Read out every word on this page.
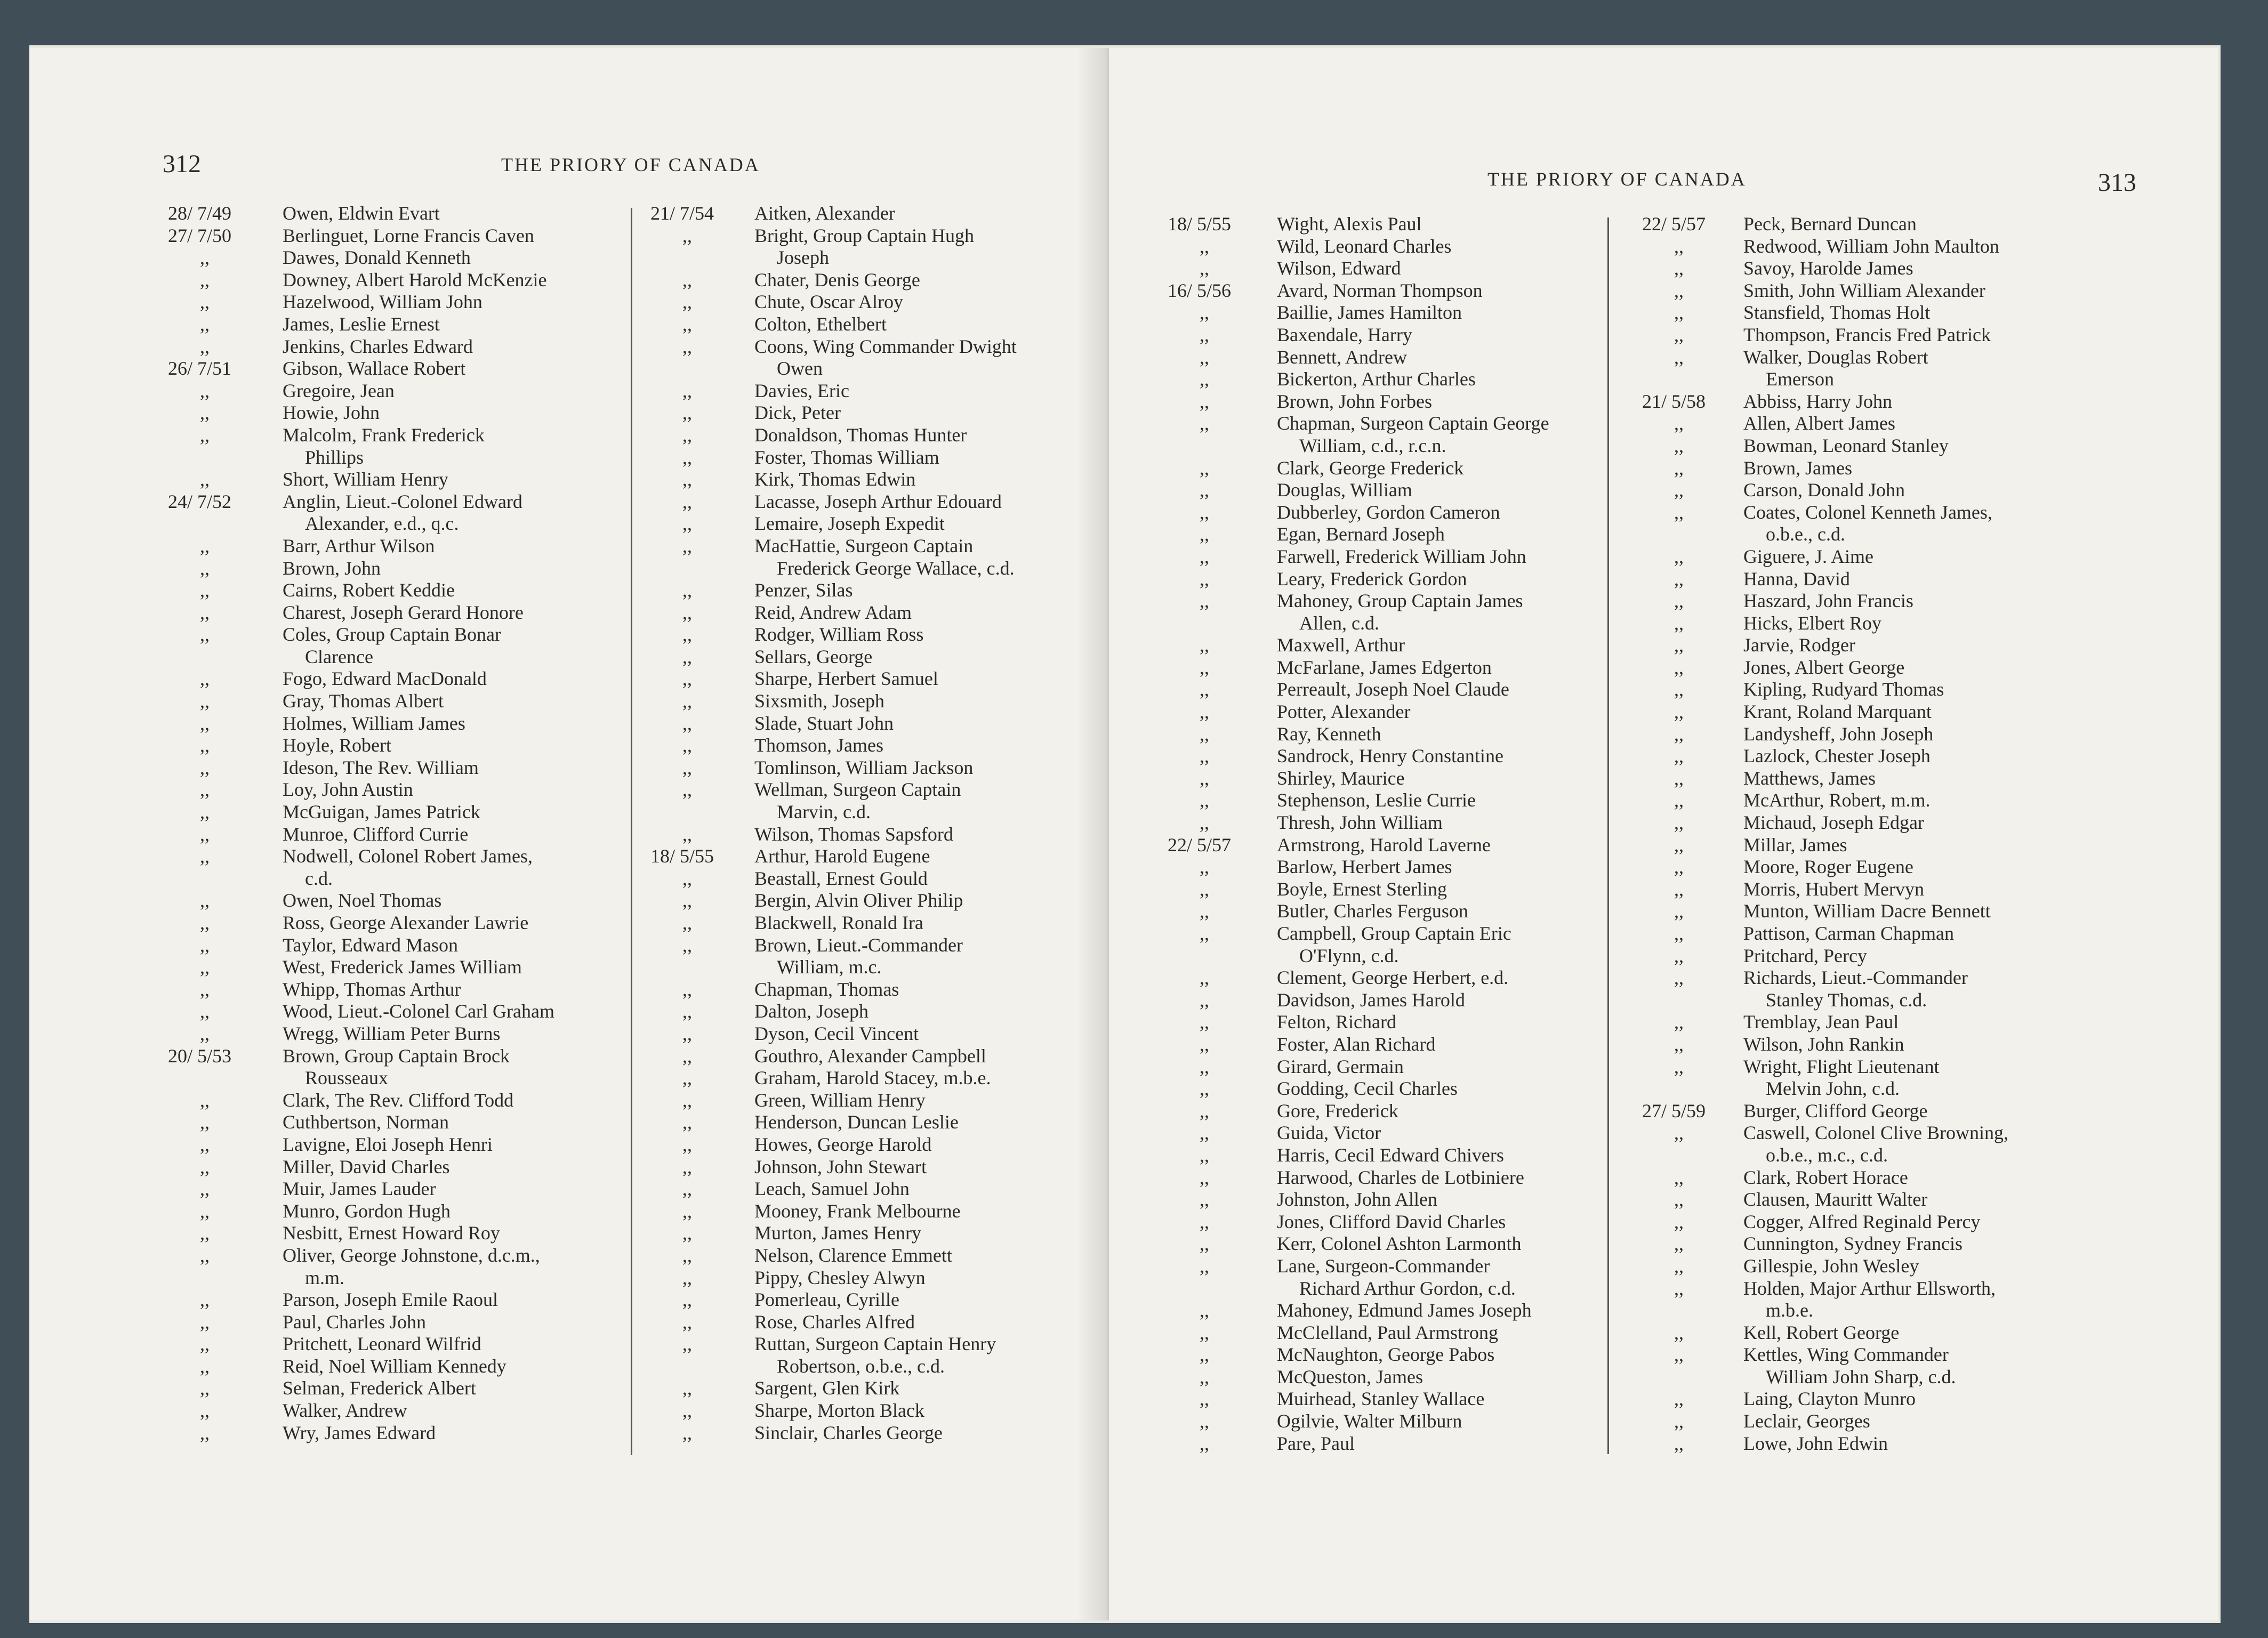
312	THE PRIORY OF CANADA
28/ 7/49	Owen, Eldwin Evart
27/ 7/50	Berlinguet, Lorne Francis Caven
,,	Dawes, Donald Kenneth
,,	Downey, Albert Harold McKenzie
,,	Hazelwood, William John
,,	James, Leslie Ernest
,,	Jenkins, Charles Edward
26/ 7/51	Gibson, Wallace Robert
,,	Gregoire, Jean
,,	Howie, John
,,	Malcolm, Frank Frederick
Phillips
,,	Short, William Henry
24/ 7/52	Anglin, Lieut.-Colonel Edward
Alexander, e.d., q.c.
,,	Barr, Arthur Wilson
,,	Brown, John
,,	Cairns, Robert Keddie
,,	Charest, Joseph Gerard Honore
,,	Coles, Group Captain Bonar
Clarence
,,	Fogo, Edward MacDonald
,,	Gray, Thomas Albert
,,	Holmes, William James
,,	Hoyle, Robert
,,	Ideson, The Rev. William
,,	Loy, John Austin
,,	McGuigan, James Patrick
,,	Munroe, Clifford Currie
,,	Nodwell, Colonel Robert James,
c.d.
,,	Owen, Noel Thomas
,,	Ross, George Alexander Lawrie
,,	Taylor, Edward Mason
,,	West, Frederick James William
,,	Whipp, Thomas Arthur
,,	Wood, Lieut.-Colonel Carl Graham
,,	Wregg, William Peter Burns
20/ 5/53	Brown, Group Captain Brock
Rousseaux
,,	Clark, The Rev. Clifford Todd
,,	Cuthbertson, Norman
,,	Lavigne, Eloi Joseph Henri
,,	Miller, David Charles
,,	Muir, James Lauder
,,	Munro, Gordon Hugh
,,	Nesbitt, Ernest Howard Roy
,,	Oliver, George Johnstone, d.c.m.,
m.m.
,,	Parson, Joseph Emile Raoul
,,	Paul, Charles John
,,	Pritchett, Leonard Wilfrid
,,	Reid, Noel William Kennedy
,,	Selman, Frederick Albert
,,	Walker, Andrew
,,	Wry, James Edward
21/ 7/54 Aitken, Alexander
,,	Bright, Group Captain Hugh
Joseph
,,	Chater, Denis George
,,	Chute, Oscar Alroy
,,	Colton, Ethelbert
,,	Coons, Wing Commander Dwight
Owen
,,	Davies, Eric
,,	Dick, Peter
,,	Donaldson, Thomas Hunter
,,	Foster, Thomas William
,,	Kirk, Thomas Edwin
,,	Lacasse, Joseph Arthur Edouard
,,	Lemaire, Joseph Expedit
,,	MacHattie, Surgeon Captain
Frederick George Wallace, c.d.
,,	Penzer, Silas
,,	Reid, Andrew Adam
,,	Rodger, William Ross
,,	Sellars, George
,,	Sharpe, Herbert Samuel
,,	Sixsmith, Joseph
,,	Slade, Stuart John
,,	Thomson, James
,,	Tomlinson, William Jackson
,,	Wellman, Surgeon Captain
Marvin, c.d.
,,	Wilson, Thomas Sapsford
18/ 5/55 Arthur, Harold Eugene
,,	Beastall, Ernest Gould
,,	Bergin, Alvin Oliver Philip
,,	Blackwell, Ronald Ira
,,	Brown, Lieut.-Commander
William, m.c.
,,	Chapman, Thomas
,,	Dalton, Joseph
,,	Dyson, Cecil Vincent
,,	Gouthro, Alexander Campbell
,,	Graham, Harold Stacey, m.b.e.
,,	Green, William Henry
,,	Henderson, Duncan Leslie
,,	Howes, George Harold
,,	Johnson, John Stewart
,,	Leach, Samuel John
,,	Mooney, Frank Melbourne
,,	Murton, James Henry
,,	Nelson, Clarence Emmett
,,	Pippy, Chesley Alwyn
,,	Pomerleau, Cyrille
,,	Rose, Charles Alfred
,,	Ruttan, Surgeon Captain Henry
Robertson, o.b.e., c.d.
,,	Sargent, Glen Kirk
,,	Sharpe, Morton Black
,,	Sinclair, Charles George
313
THE PRIORY OF CANADA
18/ 5/55 Wight, Alexis Paul
,,	Wild, Leonard Charles
,,	Wilson, Edward
16/ 5/56 Avard, Norman Thompson
,,	Baillie, James Hamilton
,,	Baxendale, Harry
,,	Bennett, Andrew
,,	Bickerton, Arthur Charles
,,	Brown, John Forbes
,,	Chapman, Surgeon Captain George
William, c.d., r.c.n.
,,	Clark, George Frederick
,,	Douglas, William
,,	Dubberley, Gordon Cameron
,,	Egan, Bernard Joseph
,,	Farwell, Frederick William John
,,	Leary, Frederick Gordon
,,	Mahoney, Group Captain James
Allen, c.d.
,,	Maxwell, Arthur
,,	McFarlane, James Edgerton
,,	Perreault, Joseph Noel Claude
,,	Potter, Alexander
,,	Ray, Kenneth
,,	Sandrock, Henry Constantine
,,	Shirley, Maurice
,,	Stephenson, Leslie Currie
,,	Thresh, John William
22/ 5/57 Armstrong, Harold Laverne
,,	Barlow, Herbert James
,,	Boyle, Ernest Sterling
,,	Butler, Charles Ferguson
,,	Campbell, Group Captain Eric
O'Flynn, c.d.
,,	Clement, George Herbert, e.d.
,,	Davidson, James Harold
,,	Felton, Richard
,,	Foster, Alan Richard
,,	Girard, Germain
,,	Godding, Cecil Charles
,,	Gore, Frederick
,,	Guida, Victor
,,	Harris, Cecil Edward Chivers
,,	Harwood, Charles de Lotbiniere
,,	Johnston, John Allen
,,	Jones, Clifford David Charles
,,	Kerr, Colonel Ashton Larmonth
,,	Lane, Surgeon-Commander
Richard Arthur Gordon, c.d.
,,	Mahoney, Edmund James Joseph
,,	McClelland, Paul Armstrong
,,	McNaughton, George Pabos
,,	McQueston, James
,,	Muirhead, Stanley Wallace
,,	Ogilvie, Walter Milburn
,,	Pare, Paul
22/ 5/57 Peck, Bernard Duncan
,,	Redwood, William John Maulton
,,	Savoy, Harolde James
,,	Smith, John William Alexander
,,	Stansfield, Thomas Holt
,,	Thompson, Francis Fred Patrick
,,	Walker, Douglas Robert
Emerson
21/ 5/58 Abbiss, Harry John
,,	Allen, Albert James
,,	Bowman, Leonard Stanley
,,	Brown, James
,,	Carson, Donald John
,,	Coates, Colonel Kenneth James,
o.b.e., c.d.
,,	Giguere, J. Aime
,,	Hanna, David
,,	Haszard, John Francis
,,	Hicks, Elbert Roy
,,	Jarvie, Rodger
,,	Jones, Albert George
,,	Kipling, Rudyard Thomas
,,	Krant, Roland Marquant
,,	Landysheff, John Joseph
,,	Lazlock, Chester Joseph
,,	Matthews, James
,,	McArthur, Robert, m.m.
,,	Michaud, Joseph Edgar
,,	Millar, James
,,	Moore, Roger Eugene
,,	Morris, Hubert Mervyn
,,	Munton, William Dacre Bennett
,,	Pattison, Carman Chapman
,,	Pritchard, Percy
,,	Richards, Lieut.-Commander
Stanley Thomas, c.d.
,,	Tremblay, Jean Paul
,,	Wilson, John Rankin
,,	Wright, Flight Lieutenant
Melvin John, c.d.
27/ 5/59 Burger, Clifford George
,,	Caswell, Colonel Clive Browning,
o.b.e., m.c., c.d.
,,	Clark, Robert Horace
,,	Clausen, Mauritt Walter
,,	Cogger, Alfred Reginald Percy
,,	Cunnington, Sydney Francis
,,	Gillespie, John Wesley
,,	Holden, Major Arthur Ellsworth,
m.b.e.
,,	Kell, Robert George
,,	Kettles, Wing Commander
William John Sharp, c.d.
,,	Laing, Clayton Munro
,,	Leclair, Georges
,,	Lowe, John Edwin
